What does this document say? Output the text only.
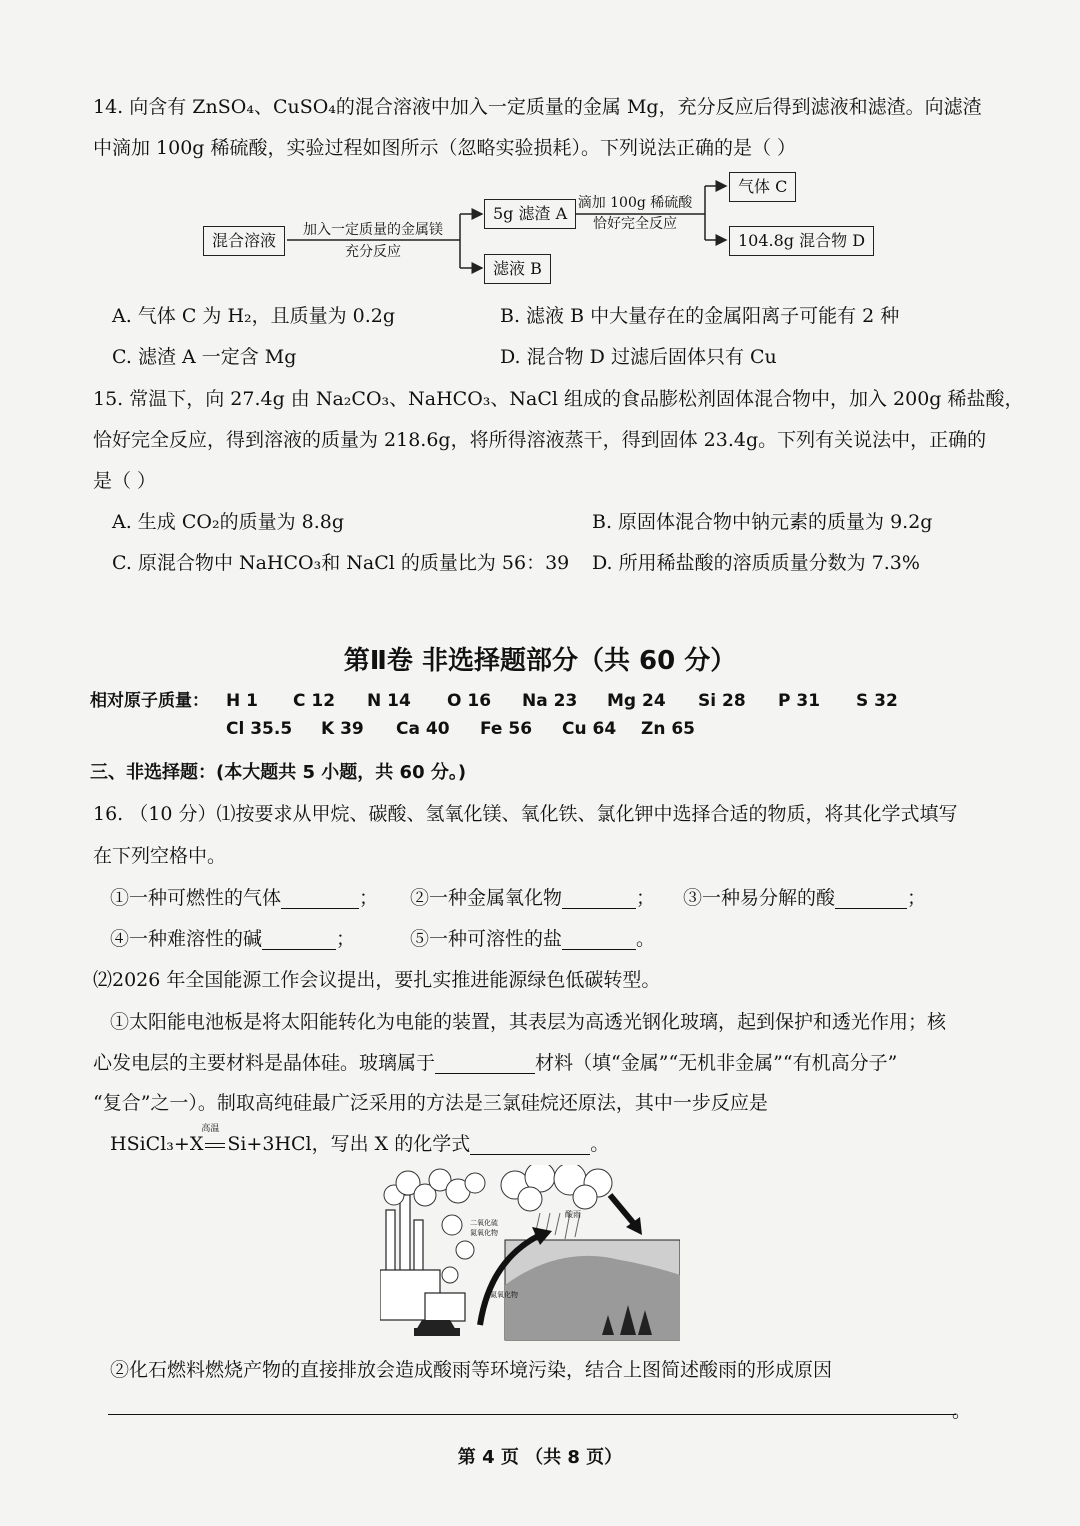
14. 向含有 ZnSO₄、CuSO₄的混合溶液中加入一定质量的金属 Mg，充分反应后得到滤液和滤渣。向滤渣
中滴加 100g 稀硫酸，实验过程如图所示（忽略实验损耗）。下列说法正确的是（ ）
混合溶液
加入一定质量的金属镁
充分反应
5g 滤渣 A
滤液 B
滴加 100g 稀硫酸
恰好完全反应
气体 C
104.8g 混合物 D
A. 气体 C 为 H₂，且质量为 0.2g	B. 滤液 B 中大量存在的金属阳离子可能有 2 种
C. 滤渣 A 一定含 Mg	D. 混合物 D 过滤后固体只有 Cu
15. 常温下，向 27.4g 由 Na₂CO₃、NaHCO₃、NaCl 组成的食品膨松剂固体混合物中，加入 200g 稀盐酸，
恰好完全反应，得到溶液的质量为 218.6g，将所得溶液蒸干，得到固体 23.4g。下列有关说法中，正确的
是（ ）
A. 生成 CO₂的质量为 8.8g	B. 原固体混合物中钠元素的质量为 9.2g
C. 原混合物中 NaHCO₃和 NaCl 的质量比为 56：39 D. 所用稀盐酸的溶质质量分数为 7.3%
第Ⅱ卷 非选择题部分（共 60 分）
相对原子质量： H 1 C 12 N 14 O 16 Na 23 Mg 24 Si 28 P 31 S 32
Cl 35.5 K 39 Ca 40 Fe 56 Cu 64 Zn 65
三、非选择题：(本大题共 5 小题，共 60 分。)
16. （10 分）⑴按要求从甲烷、碳酸、氢氧化镁、氧化铁、氯化钾中选择合适的物质，将其化学式填写
在下列空格中。
①一种可燃性的气体	； ②一种金属氧化物	； ③一种易分解的酸	；
④一种难溶性的碱	；	⑤一种可溶性的盐	。
⑵2026 年全国能源工作会议提出，要扎实推进能源绿色低碳转型。
①太阳能电池板是将太阳能转化为电能的装置，其表层为高透光钢化玻璃，起到保护和透光作用；核
心发电层的主要材料是晶体硅。玻璃属于	材料（填“金属”“无机非金属”“有机高分子”
“复合”之一）。制取高纯硅最广泛采用的方法是三氯硅烷还原法，其中一步反应是
HSiCl₃+X
高温
Si+3HCl，写出 X 的化学式	。
二氧化硫
氮氧化物
酸雨
氮氧化物
②化石燃料燃烧产物的直接排放会造成酸雨等环境污染，结合上图简述酸雨的形成原因
。
第 4 页 （共 8 页）
